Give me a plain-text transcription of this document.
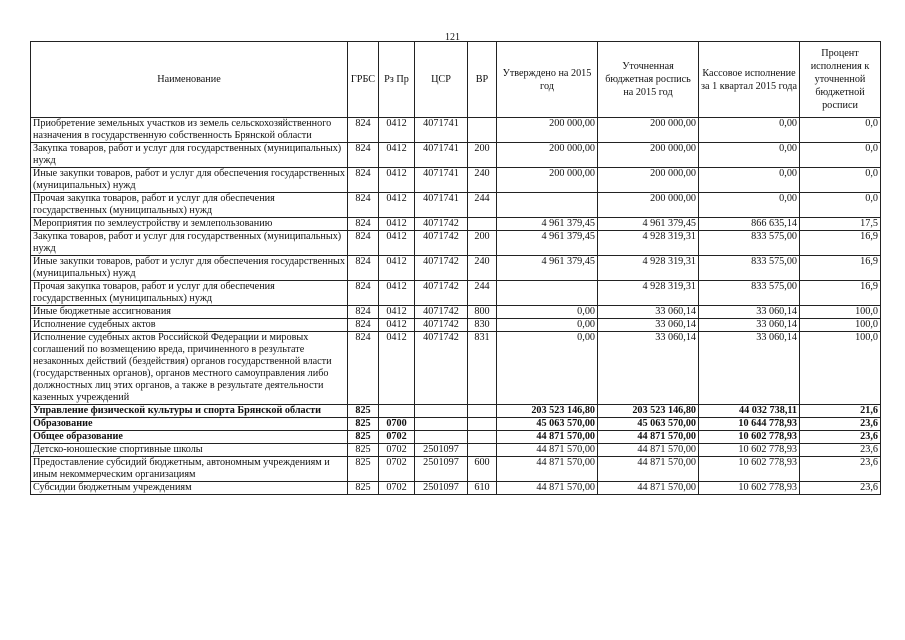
121
Наименование	ГРБС	Рз Пр	ЦСР	ВР	Утверждено на 2015 год	Уточненная бюджетная роспись на 2015 год	Кассовое исполнение за 1 квартал 2015 года	Процент исполнения к уточненной бюджетной росписи
Приобретение земельных участков из земель сельскохозяйственного назначения в государственную собственность Брянской области	824	0412	4071741		200 000,00	200 000,00	0,00	0,0
Закупка товаров, работ и услуг для государственных (муниципальных) нужд	824	0412	4071741	200	200 000,00	200 000,00	0,00	0,0
Иные закупки товаров, работ и услуг для обеспечения государственных (муниципальных) нужд	824	0412	4071741	240	200 000,00	200 000,00	0,00	0,0
Прочая закупка товаров, работ и услуг для обеспечения государственных (муниципальных) нужд	824	0412	4071741	244		200 000,00	0,00	0,0
Мероприятия по землеустройству и землепользованию	824	0412	4071742		4 961 379,45	4 961 379,45	866 635,14	17,5
Закупка товаров, работ и услуг для государственных (муниципальных) нужд	824	0412	4071742	200	4 961 379,45	4 928 319,31	833 575,00	16,9
Иные закупки товаров, работ и услуг для обеспечения государственных (муниципальных) нужд	824	0412	4071742	240	4 961 379,45	4 928 319,31	833 575,00	16,9
Прочая закупка товаров, работ и услуг для обеспечения государственных (муниципальных) нужд	824	0412	4071742	244		4 928 319,31	833 575,00	16,9
Иные бюджетные ассигнования	824	0412	4071742	800	0,00	33 060,14	33 060,14	100,0
Исполнение судебных актов	824	0412	4071742	830	0,00	33 060,14	33 060,14	100,0
Исполнение судебных актов Российской Федерации и мировых соглашений по возмещению вреда, причиненного в результате незаконных действий (бездействия) органов государственной власти (государственных органов), органов местного самоуправления либо должностных лиц этих органов, а также в результате деятельности казенных учреждений	824	0412	4071742	831	0,00	33 060,14	33 060,14	100,0
Управление физической культуры и спорта Брянской области	825				203 523 146,80	203 523 146,80	44 032 738,11	21,6
Образование	825	0700			45 063 570,00	45 063 570,00	10 644 778,93	23,6
Общее образование	825	0702			44 871 570,00	44 871 570,00	10 602 778,93	23,6
Детско-юношеские спортивные школы	825	0702	2501097		44 871 570,00	44 871 570,00	10 602 778,93	23,6
Предоставление субсидий бюджетным, автономным учреждениям и иным некоммерческим организациям	825	0702	2501097	600	44 871 570,00	44 871 570,00	10 602 778,93	23,6
Субсидии бюджетным учреждениям	825	0702	2501097	610	44 871 570,00	44 871 570,00	10 602 778,93	23,6
